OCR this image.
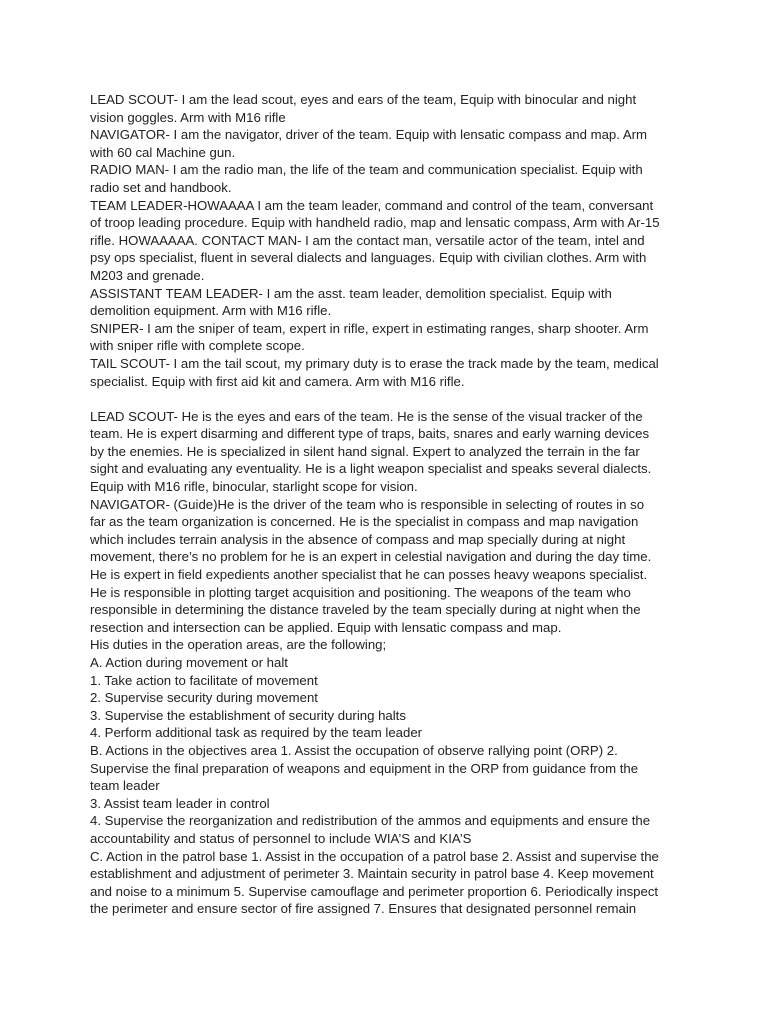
LEAD SCOUT- I am the lead scout, eyes and ears of the team, Equip with binocular and night
vision goggles. Arm with M16 rifle
NAVIGATOR- I am the navigator, driver of the team. Equip with lensatic compass and map. Arm
with 60 cal Machine gun.
RADIO MAN- I am the radio man, the life of the team and communication specialist. Equip with
radio set and handbook.
TEAM LEADER-HOWAAAA I am the team leader, command and control of the team, conversant
of troop leading procedure. Equip with handheld radio, map and lensatic compass, Arm with Ar-15
rifle. HOWAAAAA. CONTACT MAN- I am the contact man, versatile actor of the team, intel and
psy ops specialist, fluent in several dialects and languages. Equip with civilian clothes. Arm with
M203 and grenade.
ASSISTANT TEAM LEADER- I am the asst. team leader, demolition specialist. Equip with
demolition equipment. Arm with M16 rifle.
SNIPER- I am the sniper of team, expert in rifle, expert in estimating ranges, sharp shooter. Arm
with sniper rifle with complete scope.
TAIL SCOUT- I am the tail scout, my primary duty is to erase the track made by the team, medical
specialist. Equip with first aid kit and camera. Arm with M16 rifle.
LEAD SCOUT- He is the eyes and ears of the team. He is the sense of the visual tracker of the
team. He is expert disarming and different type of traps, baits, snares and early warning devices
by the enemies. He is specialized in silent hand signal. Expert to analyzed the terrain in the far
sight and evaluating any eventuality. He is a light weapon specialist and speaks several dialects.
Equip with M16 rifle, binocular, starlight scope for vision.
NAVIGATOR- (Guide)He is the driver of the team who is responsible in selecting of routes in so
far as the team organization is concerned. He is the specialist in compass and map navigation
which includes terrain analysis in the absence of compass and map specially during at night
movement, there’s no problem for he is an expert in celestial navigation and during the day time.
He is expert in field expedients another specialist that he can posses heavy weapons specialist.
He is responsible in plotting target acquisition and positioning. The weapons of the team who
responsible in determining the distance traveled by the team specially during at night when the
resection and intersection can be applied. Equip with lensatic compass and map.
His duties in the operation areas, are the following;
A. Action during movement or halt
1. Take action to facilitate of movement
2. Supervise security during movement
3. Supervise the establishment of security during halts
4. Perform additional task as required by the team leader
B. Actions in the objectives area 1. Assist the occupation of observe rallying point (ORP) 2.
Supervise the final preparation of weapons and equipment in the ORP from guidance from the
team leader
3. Assist team leader in control
4. Supervise the reorganization and redistribution of the ammos and equipments and ensure the
accountability and status of personnel to include WIA’S and KIA’S
C. Action in the patrol base 1. Assist in the occupation of a patrol base 2. Assist and supervise the
establishment and adjustment of perimeter 3. Maintain security in patrol base 4. Keep movement
and noise to a minimum 5. Supervise camouflage and perimeter proportion 6. Periodically inspect
the perimeter and ensure sector of fire assigned 7. Ensures that designated personnel remain
